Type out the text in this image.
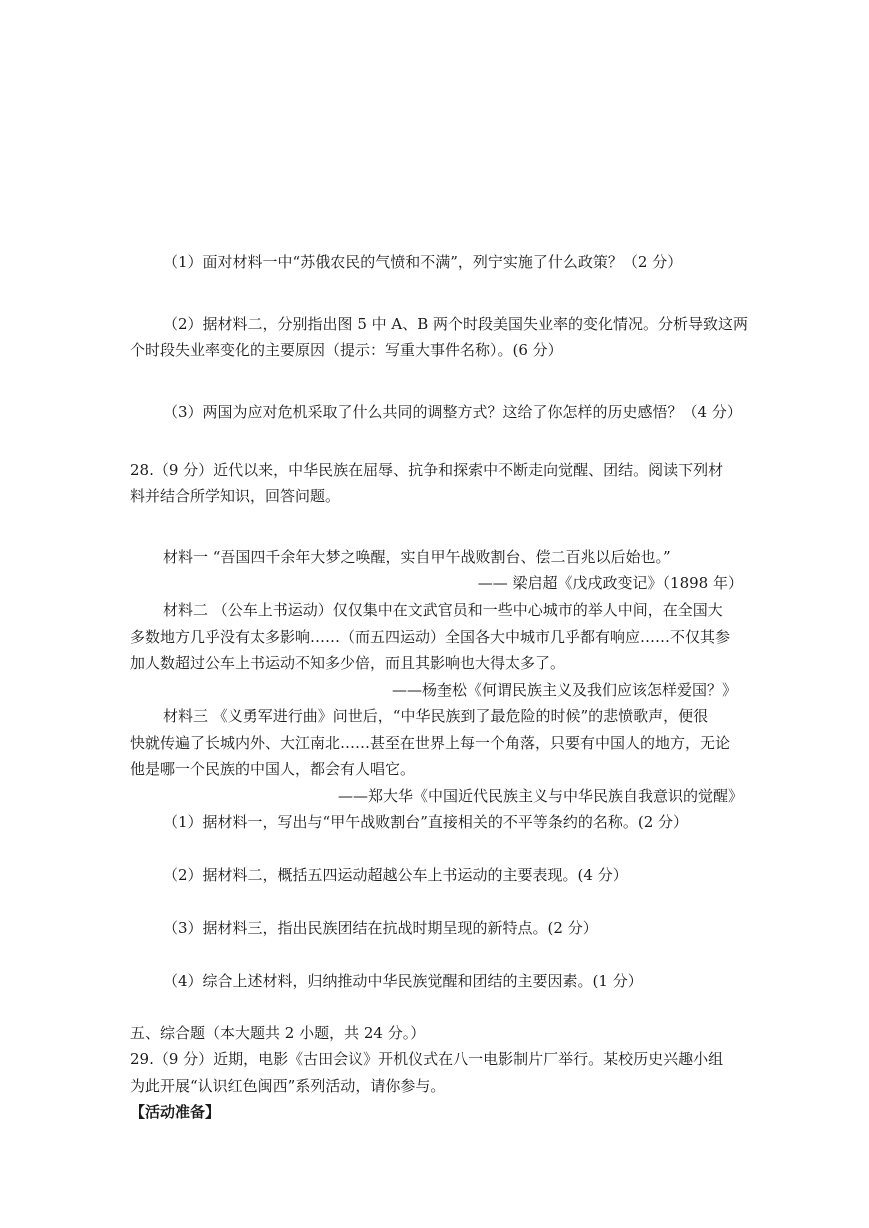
（1）面对材料一中“苏俄农民的气愤和不满”，列宁实施了什么政策？（2 分）
（2）据材料二，分别指出图 5 中 A、B 两个时段美国失业率的变化情况。分析导致这两
个时段失业率变化的主要原因（提示：写重大事件名称）。(6 分）
（3）两国为应对危机采取了什么共同的调整方式？这给了你怎样的历史感悟？（4 分）
28.（9 分）近代以来，中华民族在屈辱、抗争和探索中不断走向觉醒、团结。阅读下列材
料并结合所学知识，回答问题。
材料一 “吾国四千余年大梦之唤醒，实自甲午战败割台、偿二百兆以后始也。”
—— 梁启超《戊戌政变记》（1898 年）
材料二 （公车上书运动）仅仅集中在文武官员和一些中心城市的举人中间，在全国大
多数地方几乎没有太多影响……（而五四运动）全国各大中城市几乎都有响应……不仅其参
加人数超过公车上书运动不知多少倍，而且其影响也大得太多了。
——杨奎松《何谓民族主义及我们应该怎样爱国？》
材料三 《义勇军进行曲》问世后，“中华民族到了最危险的时候”的悲愤歌声，便很
快就传遍了长城内外、大江南北……甚至在世界上每一个角落，只要有中国人的地方，无论
他是哪一个民族的中国人，都会有人唱它。
——郑大华《中国近代民族主义与中华民族自我意识的觉醒》
（1）据材料一，写出与“甲午战败割台”直接相关的不平等条约的名称。(2 分）
（2）据材料二，概括五四运动超越公车上书运动的主要表现。(4 分）
（3）据材料三，指出民族团结在抗战时期呈现的新特点。(2 分）
（4）综合上述材料，归纳推动中华民族觉醒和团结的主要因素。(1 分）
五、综合题（本大题共 2 小题，共 24 分。）
29.（9 分）近期，电影《古田会议》开机仪式在八一电影制片厂举行。某校历史兴趣小组
为此开展“认识红色闽西”系列活动，请你参与。
【活动准备】
